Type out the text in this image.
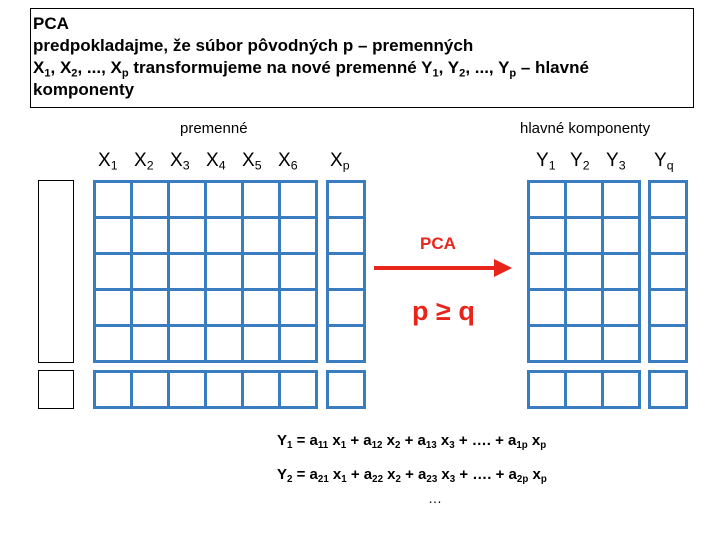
PCA
predpokladajme, že súbor pôvodných p – premenných
$X_1$, $X_2$, ..., $X_p$ transformujeme na nové premenné $Y_1$, $Y_2$, ..., $Y_p$ – hlavné
komponenty
premenné	hlavné komponenty
$X_1$ $X_2$ $X_3$ $X_4$ $X_5$ $X_6$ $X_p$	$Y_1$ $Y_2$ $Y_3$ $Y_q$
PCA
p ≥ q
$Y_1 = a_{11}$ $x_1 + a_{12}$ $x_2 + a_{13}$ $x_3$ + …. + $a_{1p}$ $x_p$
$Y_2 = a_{21}$ $x_1 + a_{22}$ $x_2 + a_{23}$ $x_3$ + …. + $a_{2p}$ $x_p$
…
